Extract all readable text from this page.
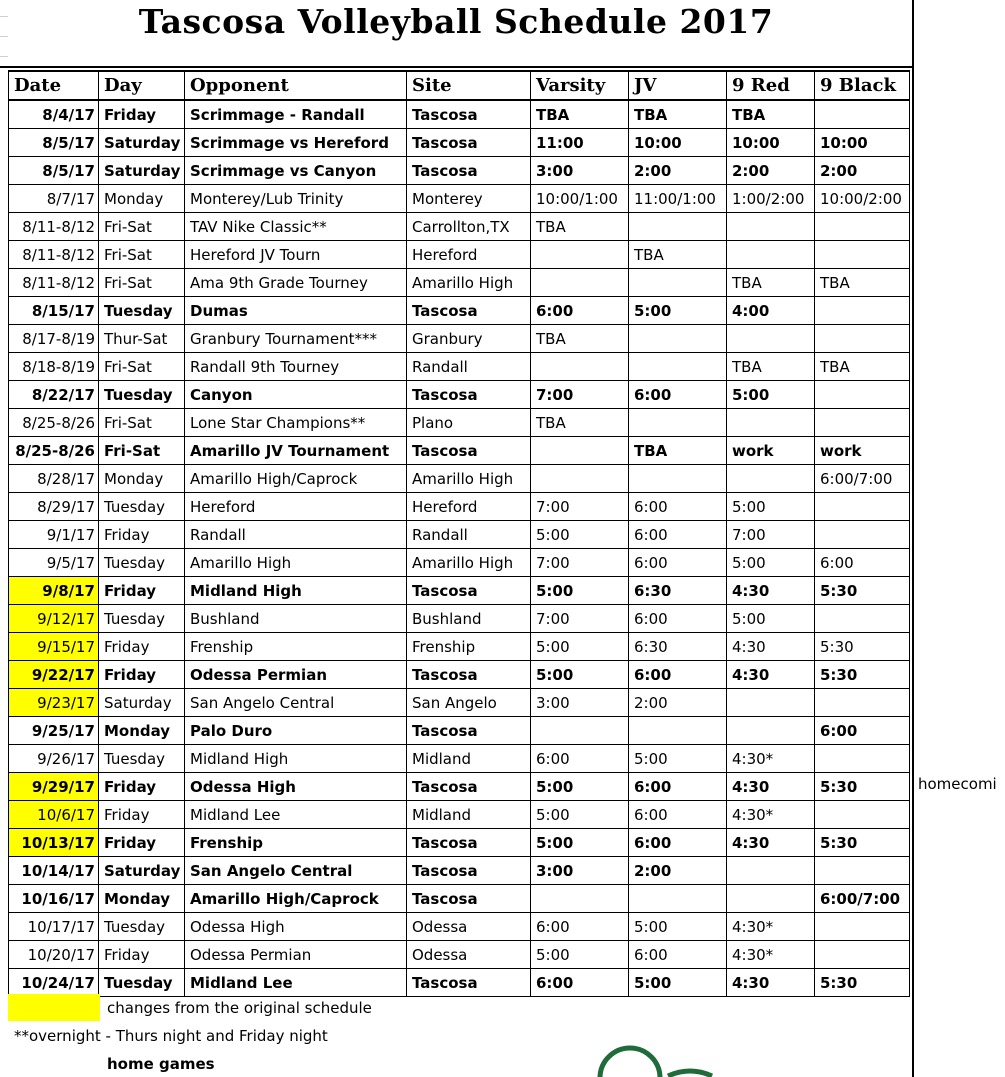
Tascosa Volleyball Schedule 2017
Date	Day	Opponent	Site	Varsity	JV	9 Red	9 Black
8/4/17	Friday	Scrimmage - Randall	Tascosa	TBA	TBA	TBA	
8/5/17	Saturday	Scrimmage vs Hereford	Tascosa	11:00	10:00	10:00	10:00
8/5/17	Saturday	Scrimmage vs Canyon	Tascosa	3:00	2:00	2:00	2:00
8/7/17	Monday	Monterey/Lub Trinity	Monterey	10:00/1:00	11:00/1:00	1:00/2:00	10:00/2:00
8/11-8/12	Fri-Sat	TAV Nike Classic**	Carrollton,TX	TBA			
8/11-8/12	Fri-Sat	Hereford JV Tourn	Hereford		TBA		
8/11-8/12	Fri-Sat	Ama 9th Grade Tourney	Amarillo High			TBA	TBA
8/15/17	Tuesday	Dumas	Tascosa	6:00	5:00	4:00	
8/17-8/19	Thur-Sat	Granbury Tournament***	Granbury	TBA			
8/18-8/19	Fri-Sat	Randall 9th Tourney	Randall			TBA	TBA
8/22/17	Tuesday	Canyon	Tascosa	7:00	6:00	5:00	
8/25-8/26	Fri-Sat	Lone Star Champions**	Plano	TBA			
8/25-8/26	Fri-Sat	Amarillo JV Tournament	Tascosa		TBA	work	work
8/28/17	Monday	Amarillo High/Caprock	Amarillo High				6:00/7:00
8/29/17	Tuesday	Hereford	Hereford	7:00	6:00	5:00	
9/1/17	Friday	Randall	Randall	5:00	6:00	7:00	
9/5/17	Tuesday	Amarillo High	Amarillo High	7:00	6:00	5:00	6:00
9/8/17	Friday	Midland High	Tascosa	5:00	6:30	4:30	5:30
9/12/17	Tuesday	Bushland	Bushland	7:00	6:00	5:00	
9/15/17	Friday	Frenship	Frenship	5:00	6:30	4:30	5:30
9/22/17	Friday	Odessa Permian	Tascosa	5:00	6:00	4:30	5:30
9/23/17	Saturday	San Angelo Central	San Angelo	3:00	2:00		
9/25/17	Monday	Palo Duro	Tascosa				6:00
9/26/17	Tuesday	Midland High	Midland	6:00	5:00	4:30*	
9/29/17	Friday	Odessa High	Tascosa	5:00	6:00	4:30	5:30
10/6/17	Friday	Midland Lee	Midland	5:00	6:00	4:30*	
10/13/17	Friday	Frenship	Tascosa	5:00	6:00	4:30	5:30
10/14/17	Saturday	San Angelo Central	Tascosa	3:00	2:00		
10/16/17	Monday	Amarillo High/Caprock	Tascosa				6:00/7:00
10/17/17	Tuesday	Odessa High	Odessa	6:00	5:00	4:30*	
10/20/17	Friday	Odessa Permian	Odessa	5:00	6:00	4:30*	
10/24/17	Tuesday	Midland Lee	Tascosa	6:00	5:00	4:30	5:30
changes from the original schedule
**overnight - Thurs night and Friday night
home games
homecomi
